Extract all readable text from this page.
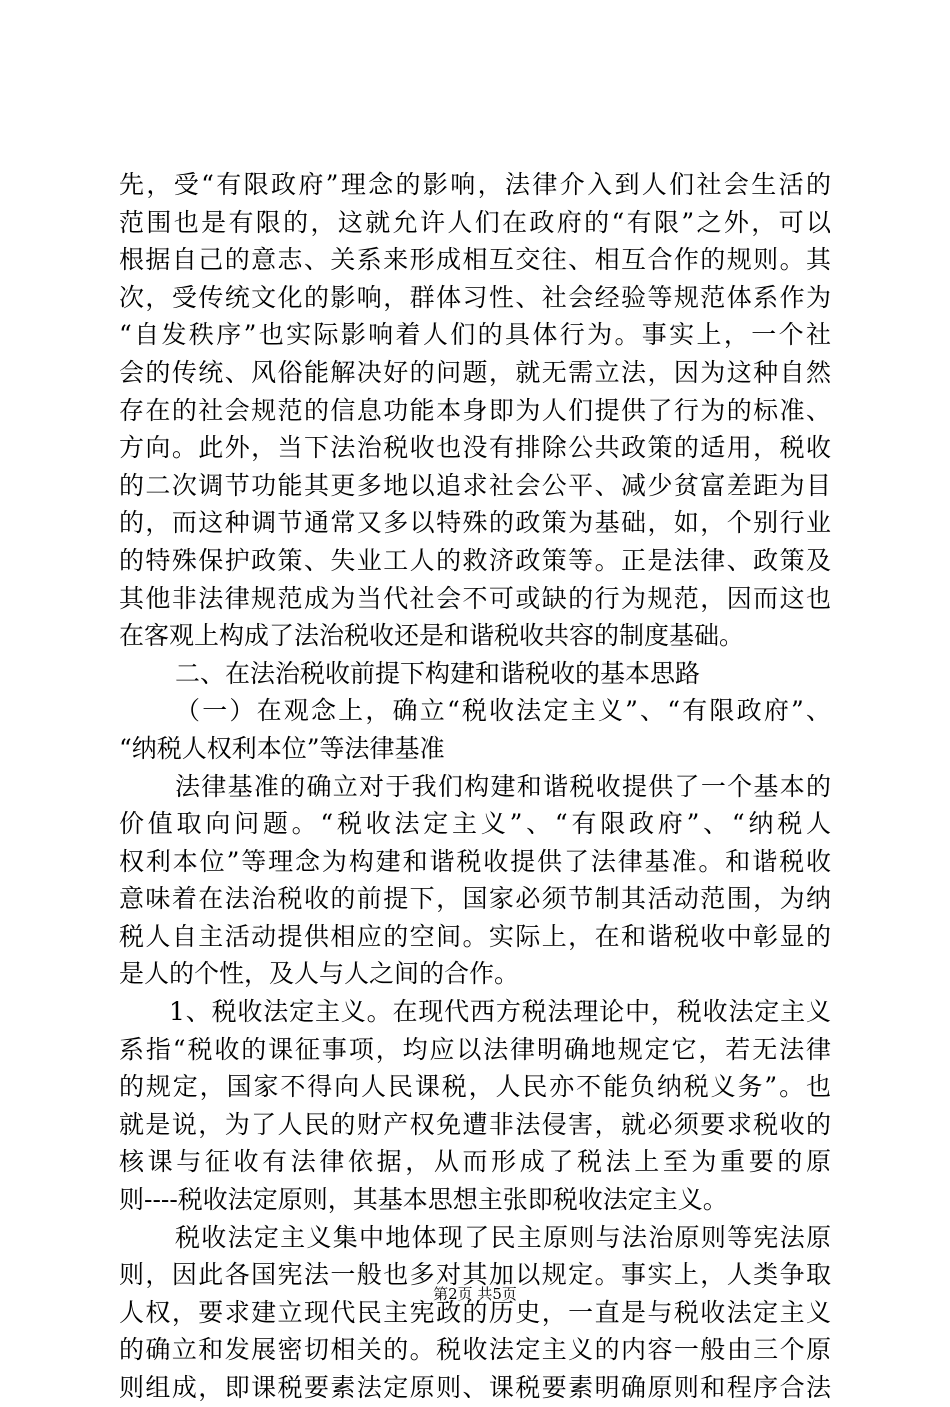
先，受“有限政府”理念的影响，法律介入到人们社会生活的
范围也是有限的，这就允许人们在政府的“有限”之外，可以
根据自己的意志、关系来形成相互交往、相互合作的规则。其
次，受传统文化的影响，群体习性、社会经验等规范体系作为
“自发秩序”也实际影响着人们的具体行为。事实上，一个社
会的传统、风俗能解决好的问题，就无需立法，因为这种自然
存在的社会规范的信息功能本身即为人们提供了行为的标准、
方向。此外，当下法治税收也没有排除公共政策的适用，税收
的二次调节功能其更多地以追求社会公平、减少贫富差距为目
的，而这种调节通常又多以特殊的政策为基础，如，个别行业
的特殊保护政策、失业工人的救济政策等。正是法律、政策及
其他非法律规范成为当代社会不可或缺的行为规范，因而这也
在客观上构成了法治税收还是和谐税收共容的制度基础。
二、在法治税收前提下构建和谐税收的基本思路
（一）在观念上，确立“税收法定主义”、“有限政府”、
“纳税人权利本位”等法律基准
法律基准的确立对于我们构建和谐税收提供了一个基本的
价值取向问题。“税收法定主义”、“有限政府”、“纳税人
权利本位”等理念为构建和谐税收提供了法律基准。和谐税收
意味着在法治税收的前提下，国家必须节制其活动范围，为纳
税人自主活动提供相应的空间。实际上，在和谐税收中彰显的
是人的个性，及人与人之间的合作。
1、税收法定主义。在现代西方税法理论中，税收法定主义
系指“税收的课征事项，均应以法律明确地规定它，若无法律
的规定，国家不得向人民课税，人民亦不能负纳税义务”。也
就是说，为了人民的财产权免遭非法侵害，就必须要求税收的
核课与征收有法律依据，从而形成了税法上至为重要的原
则----税收法定原则，其基本思想主张即税收法定主义。
税收法定主义集中地体现了民主原则与法治原则等宪法原
则，因此各国宪法一般也多对其加以规定。事实上，人类争取
人权，要求建立现代民主宪政的历史，一直是与税收法定主义
的确立和发展密切相关的。税收法定主义的内容一般由三个原
则组成，即课税要素法定原则、课税要素明确原则和程序合法
第2页 共5页
